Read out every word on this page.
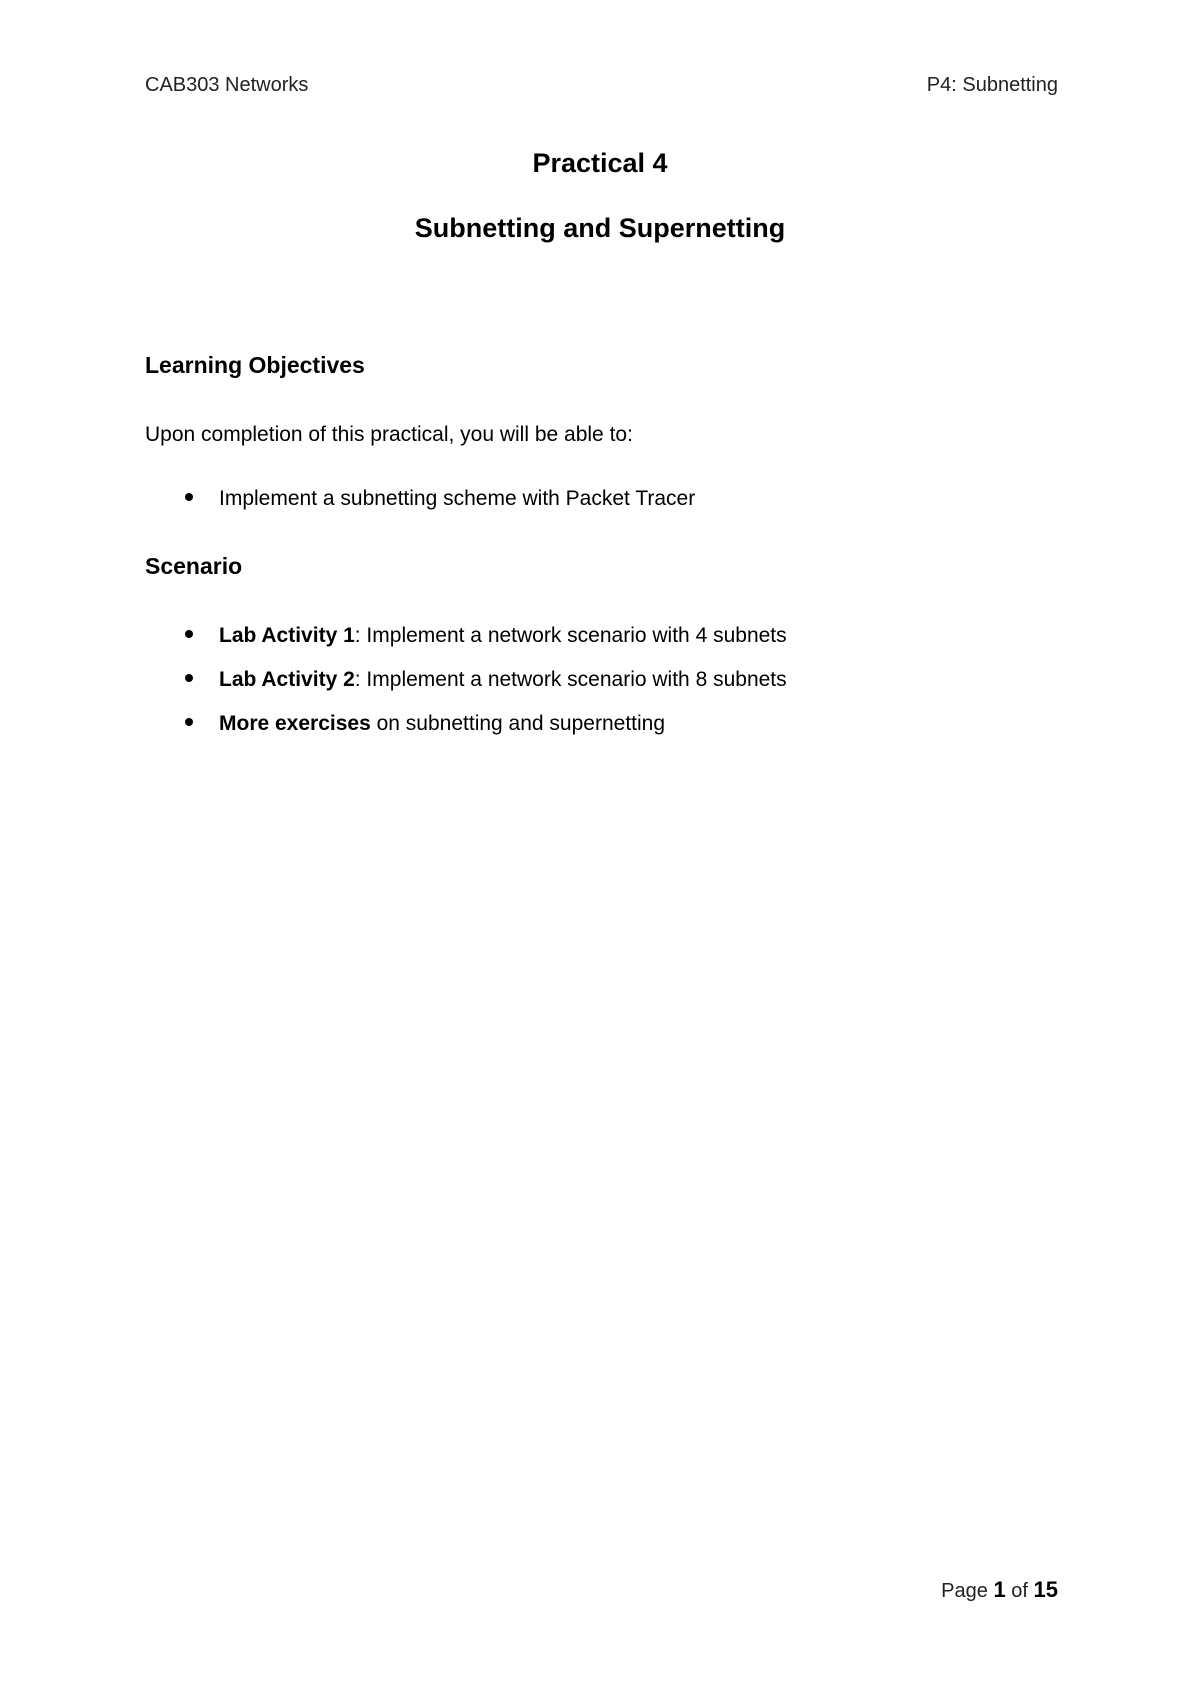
CAB303 Networks	P4: Subnetting
Practical 4
Subnetting and Supernetting
Learning Objectives
Upon completion of this practical, you will be able to:
Implement a subnetting scheme with Packet Tracer
Scenario
Lab Activity 1 : Implement a network scenario with 4 subnets
Lab Activity 2 : Implement a network scenario with 8 subnets
More exercises on subnetting and supernetting
Page 1 of 15
